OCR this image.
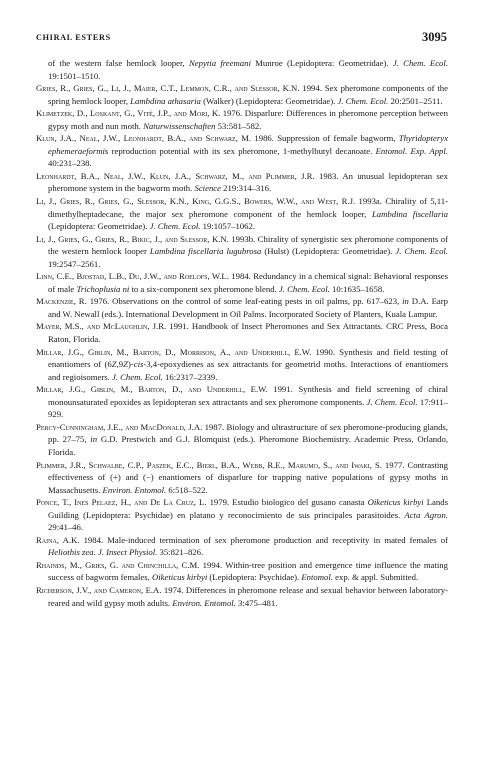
CHIRAL ESTERS	3095

of the western false hemlock looper, Nepytia freemani Munroe (Lepidoptera: Geometridae). J. Chem. Ecol. 19:1501–1510.

Gries, R., Gries, G., Li, J., Maier, C.T., Lemmon, C.R., and Slessor, K.N. 1994. Sex pheromone components of the spring hemlock looper, Lambdina athasaria (Walker) (Lepidoptera: Geometridae). J. Chem. Ecol. 20:2501–2511.

Klimetzek, D., Loskant, G., Vité, J.P., and Mori, K. 1976. Disparlure: Differences in pheromone perception between gypsy moth and nun moth. Naturwissenschaften 53:581–582.

Klun, J.A., Neal, J.W., Leonhardt, B.A., and Schwarz, M. 1986. Suppression of female bagworm, Thyridopteryx ephemeraeformis reproduction potential with its sex pheromone, 1-methylbutyl decanoate. Entomol. Exp. Appl. 40:231–238.

Leonhardt, B.A., Neal, J.W., Klun, J.A., Schwarz, M., and Plimmer, J.R. 1983. An unusual lepidopteran sex pheromone system in the bagworm moth. Science 219:314–316.

Li, J., Gries, R., Gries, G., Slessor, K.N., King, G.G.S., Bowers, W.W., and West, R.J. 1993a. Chirality of 5,11-dimethylheptadecane, the major sex pheromone component of the hemlock looper, Lambdina fiscellaria (Lepidoptera: Geometridae). J. Chem. Ecol. 19:1057–1062.

Li, J., Gries, G., Gries, R., Bikic, J., and Slessor, K.N. 1993b. Chirality of synergistic sex pheromone components of the western hemlock looper Lambdina fiscellaria lugubrosa (Hulst) (Lepidoptera: Geometridae). J. Chem. Ecol. 19:2547–2561.

Linn, C.E., Bjostad, L.B., Du, J.W., and Roelofs, W.L. 1984. Redundancy in a chemical signal: Behavioral responses of male Trichoplusia ni to a six-component sex pheromone blend. J. Chem. Ecol. 10:1635–1658.

Mackenzie, R. 1976. Observations on the control of some leaf-eating pests in oil palms, pp. 617–623, in D.A. Earp and W. Newall (eds.). International Development in Oil Palms. Incorporated Society of Planters, Kuala Lampur.

Mayer, M.S., and McLaughlin, J.R. 1991. Handbook of Insect Pheromones and Sex Attractants. CRC Press, Boca Raton, Florida.

Millar, J.G., Giblin, M., Barton, D., Morrison, A., and Underhill, E.W. 1990. Synthesis and field testing of enantiomers of (6Z,9Z)-cis-3,4-epoxydienes as sex attractants for geometrid moths. Interactions of enantiomers and regioisomers. J. Chem. Ecol. 16:2317–2339.

Millar, J.G., Giblin, M., Barton, D., and Underhill, E.W. 1991. Synthesis and field screening of chiral monounsaturated epoxides as lepidopteran sex attractants and sex pheromone components. J. Chem. Ecol. 17:911–929.

Percy-Cunningham, J.E., and MacDonald, J.A. 1987. Biology and ultrastructure of sex pheromone-producing glands, pp. 27–75, in G.D. Prestwich and G.J. Blomquist (eds.). Pheromone Biochemistry. Academic Press, Orlando, Florida.

Plimmer, J.R., Schwalbe, C.P., Paszek, E.C., Bierl, B.A., Webb, R.E., Marumo, S., and Iwaki, S. 1977. Contrasting effectiveness of (+) and (−) enantiomers of disparlure for trapping native populations of gypsy moths in Massachusetts. Environ. Entomol. 6:518–522.

Ponce, T., Ines Pelaez, H., and De La Cruz, L. 1979. Estudio biologico del gusano canasta Oiketicus kirbyi Lands Guilding (Lepidoptera: Psychidae) en platano y reconocimiento de sus principales parasitoides. Acta Agron. 29:41–46.

Raina, A.K. 1984. Male-induced termination of sex pheromone production and receptivity in mated females of Heliothis zea. J. Insect Physiol. 35:821–826.

Rhainds, M., Gries, G. and Chinchilla, C.M. 1994. Within-tree position and emergence time influence the mating success of bagworm females, Oiketicus kirbyi (Lepidoptera: Psychidae). Entomol. exp. & appl. Submitted.

Richerson, J.V., and Cameron, E.A. 1974. Differences in pheromone release and sexual behavior between laboratory-reared and wild gypsy moth adults. Environ. Entomol. 3:475–481.
